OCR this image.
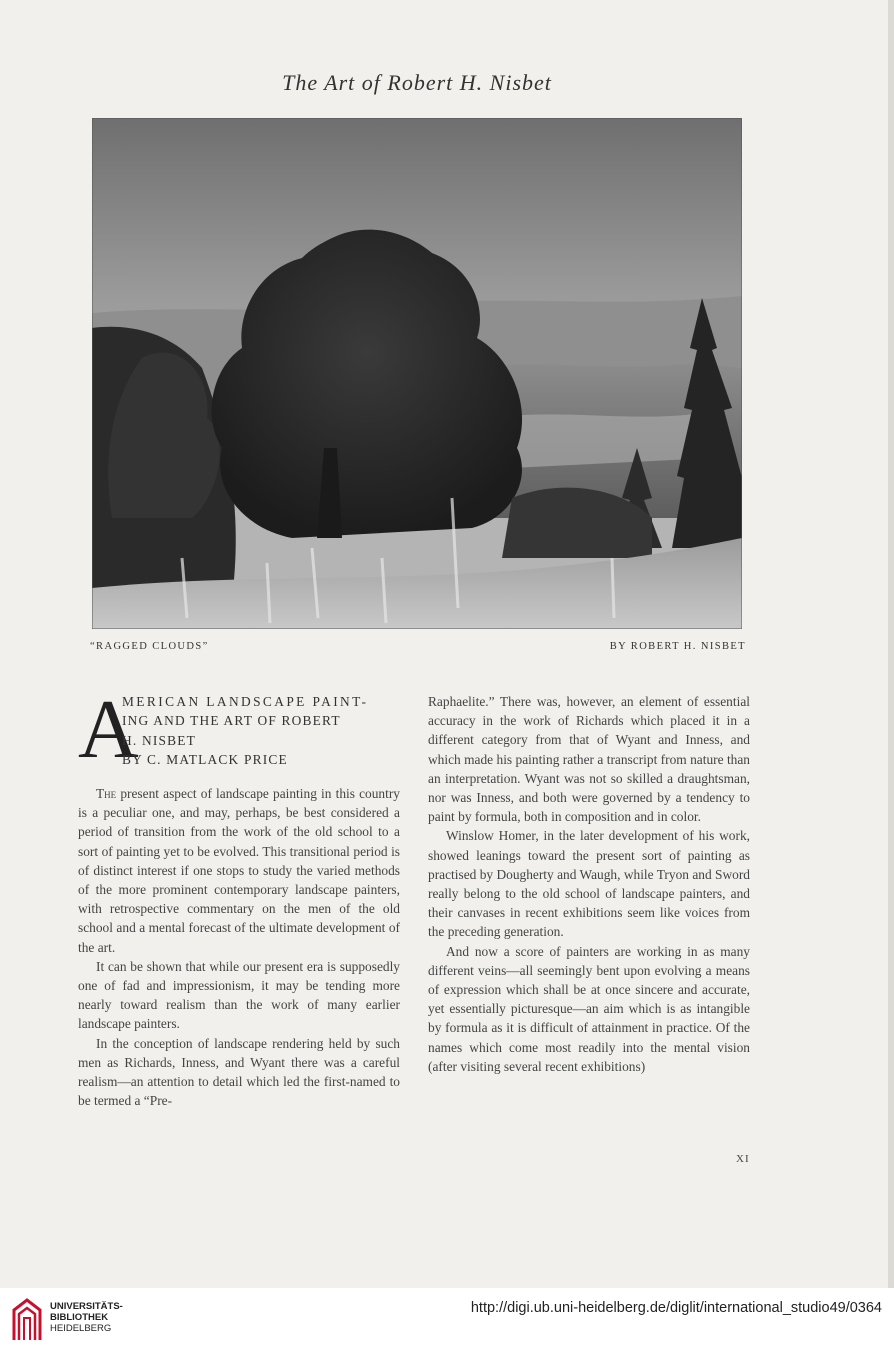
The Art of Robert H. Nisbet
“RAGGED CLOUDS”	BY ROBERT H. NISBET
A
MERICAN LANDSCAPE PAINT-
ING AND THE ART OF ROBERT
H. NISBET
BY C. MATLACK PRICE

The present aspect of landscape painting in this country is a peculiar one, and may, perhaps, be best considered a period of transition from the work of the old school to a sort of painting yet to be evolved. This transitional period is of distinct interest if one stops to study the varied methods of the more prominent contemporary landscape painters, with retrospective commentary on the men of the old school and a mental forecast of the ultimate development of the art.

It can be shown that while our present era is supposedly one of fad and impressionism, it may be tending more nearly toward realism than the work of many earlier landscape painters.

In the conception of landscape rendering held by such men as Richards, Inness, and Wyant there was a careful realism—an attention to detail which led the first-named to be termed a “Pre-

Raphaelite.” There was, however, an element of essential accuracy in the work of Richards which placed it in a different category from that of Wyant and Inness, and which made his painting rather a transcript from nature than an interpretation. Wyant was not so skilled a draughtsman, nor was Inness, and both were governed by a tendency to paint by formula, both in composition and in color.

Winslow Homer, in the later development of his work, showed leanings toward the present sort of painting as practised by Dougherty and Waugh, while Tryon and Sword really belong to the old school of landscape painters, and their canvases in recent exhibitions seem like voices from the preceding generation.

And now a score of painters are working in as many different veins—all seemingly bent upon evolving a means of expression which shall be at once sincere and accurate, yet essentially picturesque—an aim which is as intangible by formula as it is difficult of attainment in practice. Of the names which come most readily into the mental vision (after visiting several recent exhibitions)

XI
UNIVERSITÄTS-
BIBLIOTHEK
HEIDELBERG
http://digi.ub.uni-heidelberg.de/diglit/international_studio49/0364
